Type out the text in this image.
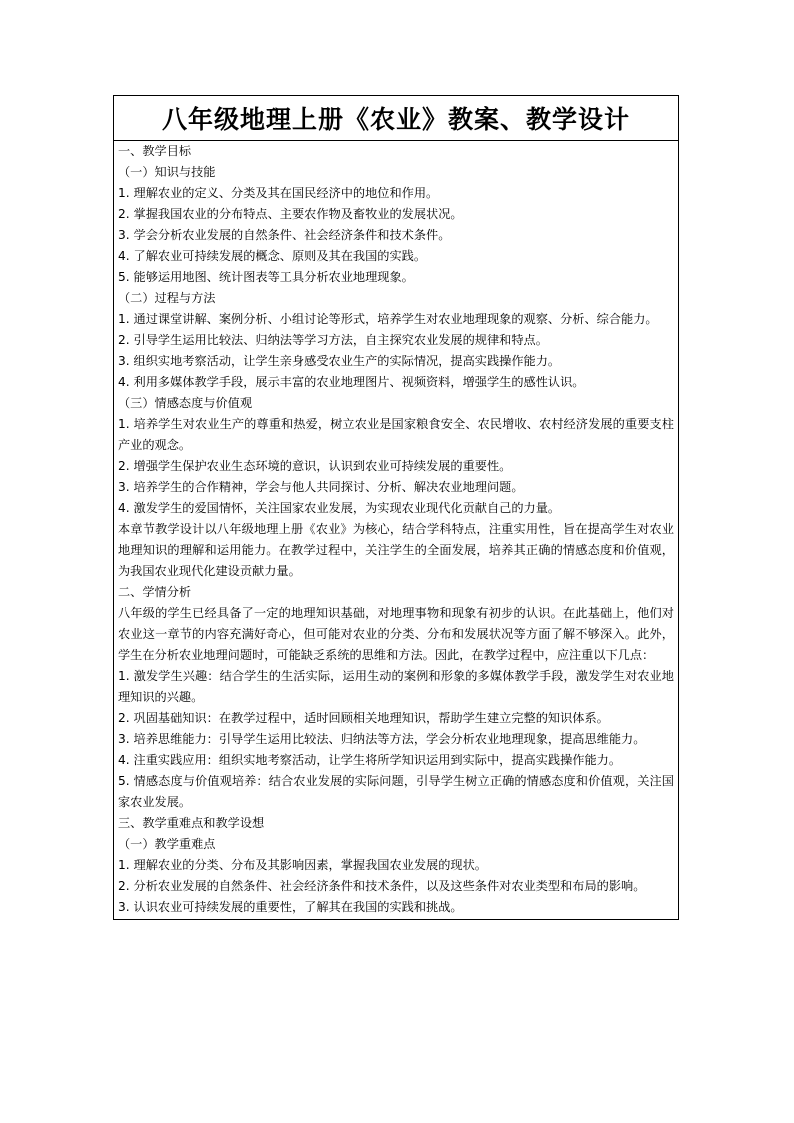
八年级地理上册《农业》教案、教学设计

一、教学目标

（一）知识与技能

1. 理解农业的定义、分类及其在国民经济中的地位和作用。

2. 掌握我国农业的分布特点、主要农作物及畜牧业的发展状况。

3. 学会分析农业发展的自然条件、社会经济条件和技术条件。

4. 了解农业可持续发展的概念、原则及其在我国的实践。

5. 能够运用地图、统计图表等工具分析农业地理现象。

（二）过程与方法

1. 通过课堂讲解、案例分析、小组讨论等形式，培养学生对农业地理现象的观察、分析、综合能力。

2. 引导学生运用比较法、归纳法等学习方法，自主探究农业发展的规律和特点。

3. 组织实地考察活动，让学生亲身感受农业生产的实际情况，提高实践操作能力。

4. 利用多媒体教学手段，展示丰富的农业地理图片、视频资料，增强学生的感性认识。

（三）情感态度与价值观

1. 培养学生对农业生产的尊重和热爱，树立农业是国家粮食安全、农民增收、农村经济发展的重要支柱产业的观念。

2. 增强学生保护农业生态环境的意识，认识到农业可持续发展的重要性。

3. 培养学生的合作精神，学会与他人共同探讨、分析、解决农业地理问题。

4. 激发学生的爱国情怀，关注国家农业发展，为实现农业现代化贡献自己的力量。

本章节教学设计以八年级地理上册《农业》为核心，结合学科特点，注重实用性，旨在提高学生对农业地理知识的理解和运用能力。在教学过程中，关注学生的全面发展，培养其正确的情感态度和价值观，为我国农业现代化建设贡献力量。

二、学情分析

八年级的学生已经具备了一定的地理知识基础，对地理事物和现象有初步的认识。在此基础上，他们对农业这一章节的内容充满好奇心，但可能对农业的分类、分布和发展状况等方面了解不够深入。此外，学生在分析农业地理问题时，可能缺乏系统的思维和方法。因此，在教学过程中，应注重以下几点：

1. 激发学生兴趣：结合学生的生活实际，运用生动的案例和形象的多媒体教学手段，激发学生对农业地理知识的兴趣。

2. 巩固基础知识：在教学过程中，适时回顾相关地理知识，帮助学生建立完整的知识体系。

3. 培养思维能力：引导学生运用比较法、归纳法等方法，学会分析农业地理现象，提高思维能力。

4. 注重实践应用：组织实地考察活动，让学生将所学知识运用到实际中，提高实践操作能力。

5. 情感态度与价值观培养：结合农业发展的实际问题，引导学生树立正确的情感态度和价值观，关注国家农业发展。

三、教学重难点和教学设想

（一）教学重难点

1. 理解农业的分类、分布及其影响因素，掌握我国农业发展的现状。

2. 分析农业发展的自然条件、社会经济条件和技术条件，以及这些条件对农业类型和布局的影响。

3. 认识农业可持续发展的重要性，了解其在我国的实践和挑战。
